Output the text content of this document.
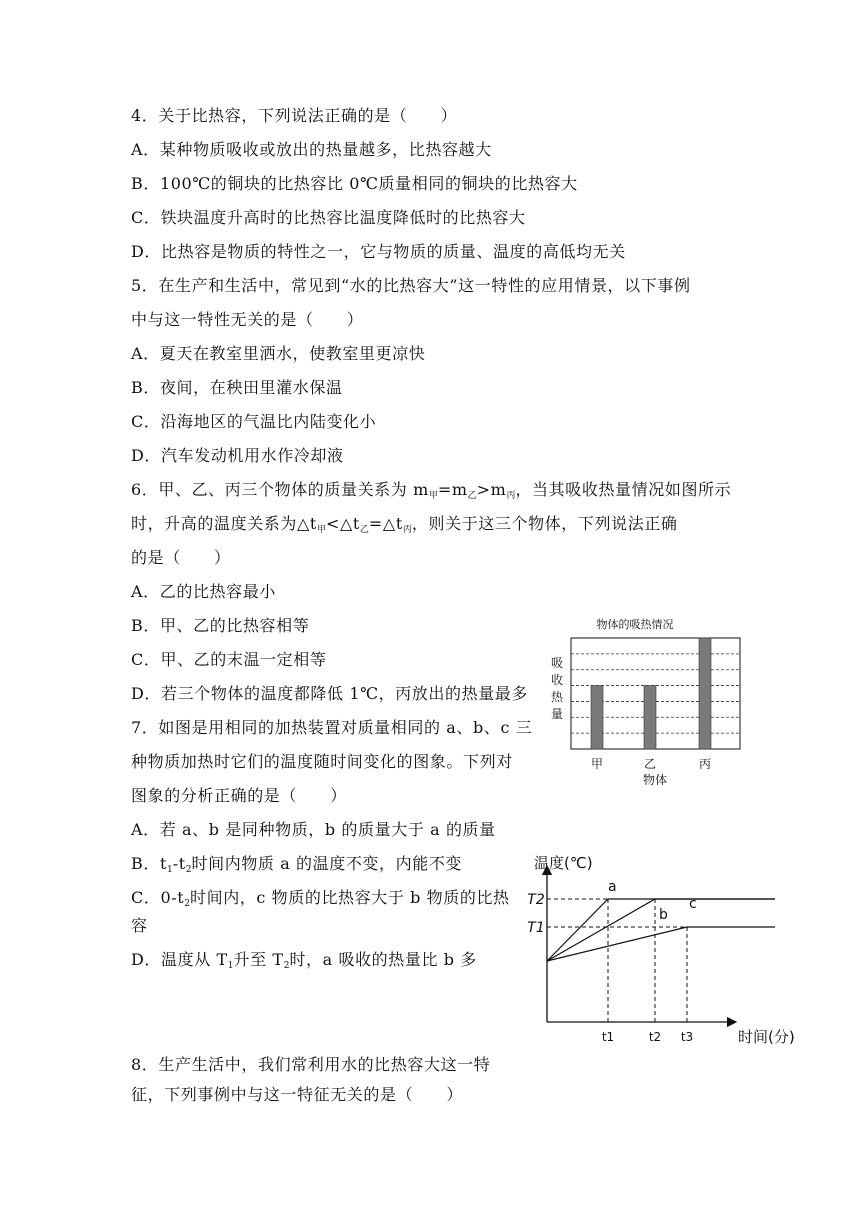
4．关于比热容，下列说法正确的是（　　）
A．某种物质吸收或放出的热量越多，比热容越大
B．100℃的铜块的比热容比 0℃质量相同的铜块的比热容大
C．铁块温度升高时的比热容比温度降低时的比热容大
D．比热容是物质的特性之一，它与物质的质量、温度的高低均无关
5．在生产和生活中，常见到“水的比热容大”这一特性的应用情景，以下事例
中与这一特性无关的是（　　）
A．夏天在教室里洒水，使教室里更凉快
B．夜间，在秧田里灌水保温
C．沿海地区的气温比内陆变化小
D．汽车发动机用水作冷却液
6．甲、乙、丙三个物体的质量关系为 $m_甲=m_乙>m_丙$，当其吸收热量情况如图所示
时，升高的温度关系为$\triangle t_甲<\triangle t_乙=\triangle t_丙$，则关于这三个物体，下列说法正确
的是（　　）
A．乙的比热容最小
B．甲、乙的比热容相等
C．甲、乙的末温一定相等
D．若三个物体的温度都降低 1℃，丙放出的热量最多
7．如图是用相同的加热装置对质量相同的 a、b、c 三
种物质加热时它们的温度随时间变化的图象。下列对
图象的分析正确的是（　　）
A．若 a、b 是同种物质，b 的质量大于 a 的质量
B．$t_1-t_2$时间内物质 a 的温度不变，内能不变
C．$0-t_2$时间内，c 物质的比热容大于 b 物质的比热
容
D．温度从 $T_1$升至 $T_2$时，a 吸收的热量比 b 多
8．生产生活中，我们常利用水的比热容大这一特
征，下列事例中与这一特征无关的是（　　）
物体的吸热情况
吸
收
热
量
甲	乙	丙
物体
温度(℃)
时间(分)
a
b
c
t1	t2 t3
T1
T2
